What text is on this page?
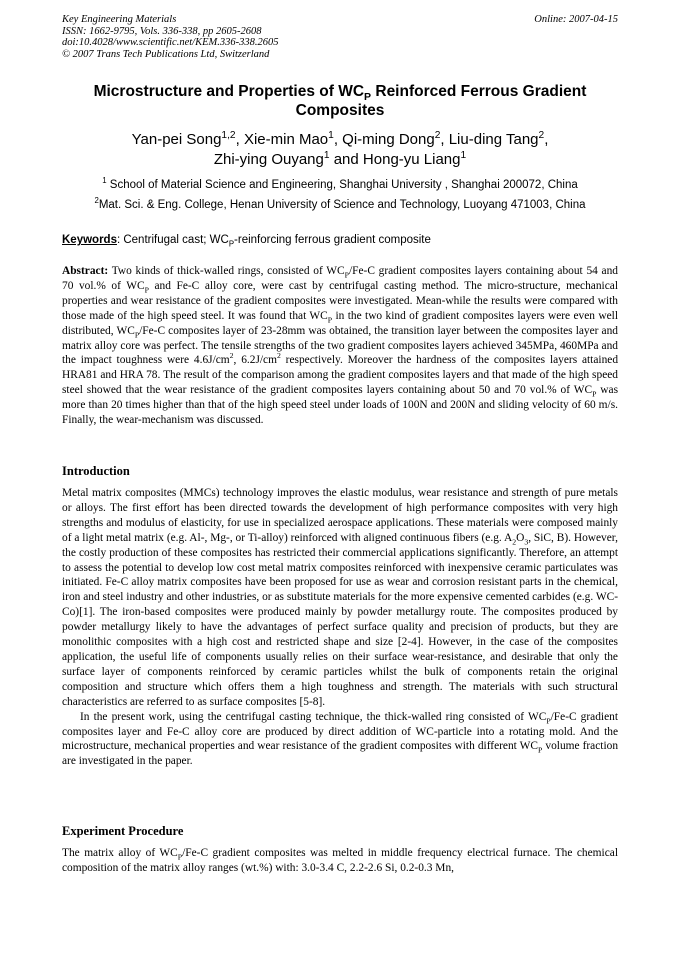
Key Engineering Materials
ISSN: 1662-9795, Vols. 336-338, pp 2605-2608
doi:10.4028/www.scientific.net/KEM.336-338.2605
© 2007 Trans Tech Publications Ltd, Switzerland
Online: 2007-04-15
Microstructure and Properties of $WC_P$ Reinforced Ferrous Gradient Composites
Yan-pei Song$^{1,2}$, Xie-min Mao$^1$, Qi-ming Dong$^2$, Liu-ding Tang$^2$,
Zhi-ying Ouyang$^1$ and Hong-yu Liang$^1$
$^1$ School of Material Science and Engineering, Shanghai University , Shanghai 200072, China
$^2$Mat. Sci. & Eng. College, Henan University of Science and Technology, Luoyang 471003, China
Keywords: Centrifugal cast; $WC_P$-reinforcing ferrous gradient composite
Abstract: Two kinds of thick-walled rings, consisted of $WC_P/Fe-C$ gradient composites layers containing about 54 and 70 vol.% of $WC_P$ and Fe-C alloy core, were cast by centrifugal casting method. The micro-structure, mechanical properties and wear resistance of the gradient composites were investigated. Mean-while the results were compared with those made of the high speed steel. It was found that $WC_P$ in the two kind of gradient composites layers were even well distributed, $WC_P/Fe-C$ composites layer of 23-28mm was obtained, the transition layer between the composites layer and matrix alloy core was perfect. The tensile strengths of the two gradient composites layers achieved 345MPa, 460MPa and the impact toughness were $4.6J/cm^2$, $6.2J/cm^2$ respectively. Moreover the hardness of the composites layers attained HRA81 and HRA 78. The result of the comparison among the gradient composites layers and that made of the high speed steel showed that the wear resistance of the gradient composites layers containing about 50 and 70 vol.% of $WC_P$ was more than 20 times higher than that of the high speed steel under loads of 100N and 200N and sliding velocity of 60 m/s. Finally, the wear-mechanism was discussed.
Introduction

Metal matrix composites (MMCs) technology improves the elastic modulus, wear resistance and strength of pure metals or alloys. The first effort has been directed towards the development of high performance composites with very high strengths and modulus of elasticity, for use in specialized aerospace applications. These materials were composed mainly of a light metal matrix (e.g. Al-, Mg-, or Ti-alloy) reinforced with aligned continuous fibers (e.g. $A_2O_3$, SiC, B). However, the costly production of these composites has restricted their commercial applications significantly. Therefore, an attempt to assess the potential to develop low cost metal matrix composites reinforced with inexpensive ceramic particulates was initiated. Fe-C alloy matrix composites have been proposed for use as wear and corrosion resistant parts in the chemical, iron and steel industry and other industries, or as substitute materials for the more expensive cemented carbides (e.g. WC-Co)[1]. The iron-based composites were produced mainly by powder metallurgy route. The composites produced by powder metallurgy likely to have the advantages of perfect surface quality and precision of products, but they are monolithic composites with a high cost and restricted shape and size [2-4]. However, in the case of the composites application, the useful life of components usually relies on their surface wear-resistance, and desirable that only the surface layer of components reinforced by ceramic particles whilst the bulk of components retain the original composition and structure which offers them a high toughness and strength. The materials with such structural characteristics are referred to as surface composites [5-8].

In the present work, using the centrifugal casting technique, the thick-walled ring consisted of $WC_P/Fe-C$ gradient composites layer and Fe-C alloy core are produced by direct addition of WC-particle into a rotating mold. And the microstructure, mechanical properties and wear resistance of the gradient composites with different $WC_P$ volume fraction are investigated in the paper.

Experiment Procedure
The matrix alloy of $WC_P/Fe-C$ gradient composites was melted in middle frequency electrical furnace. The chemical composition of the matrix alloy ranges (wt.%) with: 3.0-3.4 C, 2.2-2.6 Si, 0.2-0.3 Mn,
